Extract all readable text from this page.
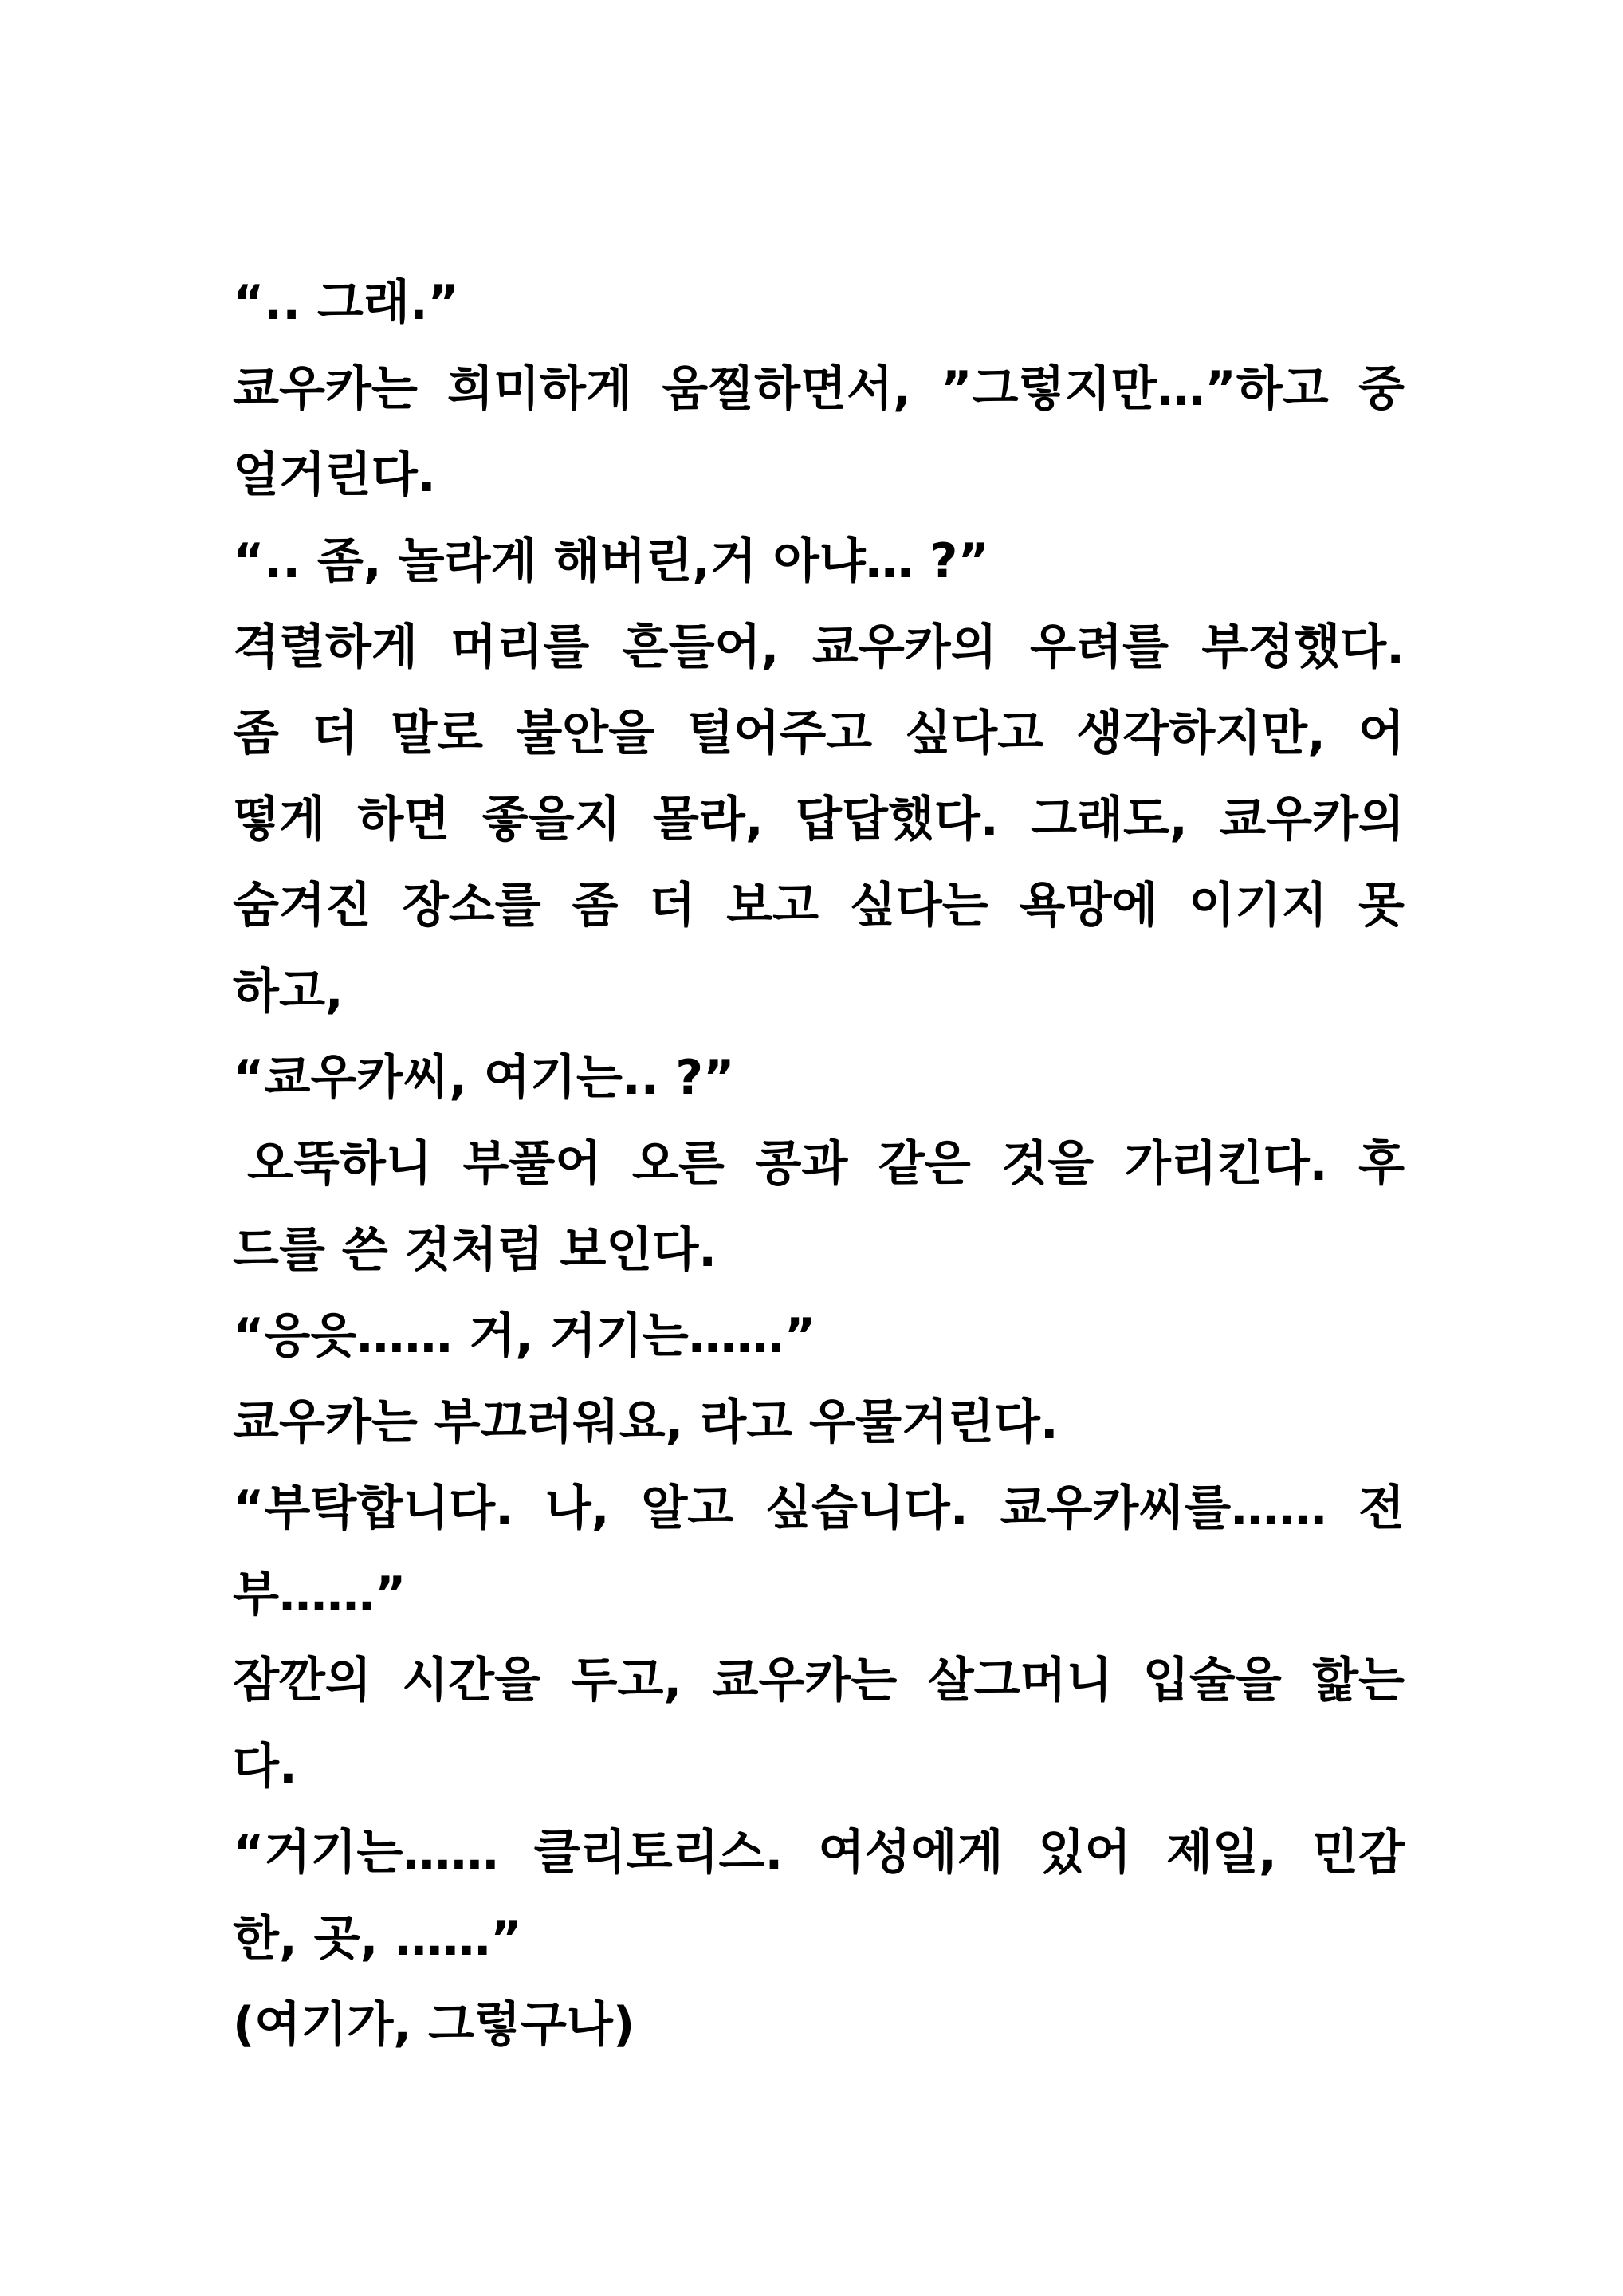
“.. 그래.”
쿄우카는 희미하게 움찔하면서, ”그렇지만…”하고 중
얼거린다.
“.. 좀, 놀라게 해버린,거 아냐… ?”
격렬하게 머리를 흔들어, 쿄우카의 우려를 부정했다.
좀 더 말로 불안을 털어주고 싶다고 생각하지만, 어
떻게 하면 좋을지 몰라, 답답했다. 그래도, 쿄우카의
숨겨진 장소를 좀 더 보고 싶다는 욕망에 이기지 못
하고,
“쿄우카씨, 여기는.. ?”
오뚝하니 부풀어 오른 콩과 같은 것을 가리킨다. 후
드를 쓴 것처럼 보인다.
“응읏…… 거, 거기는……”
쿄우카는 부끄러워요, 라고 우물거린다.
“부탁합니다. 나, 알고 싶습니다. 쿄우카씨를…… 전
부……”
잠깐의 시간을 두고, 쿄우카는 살그머니 입술을 핥는
다.
“거기는…… 클리토리스. 여성에게 있어 제일, 민감
한, 곳, ……”
(여기가, 그렇구나)
